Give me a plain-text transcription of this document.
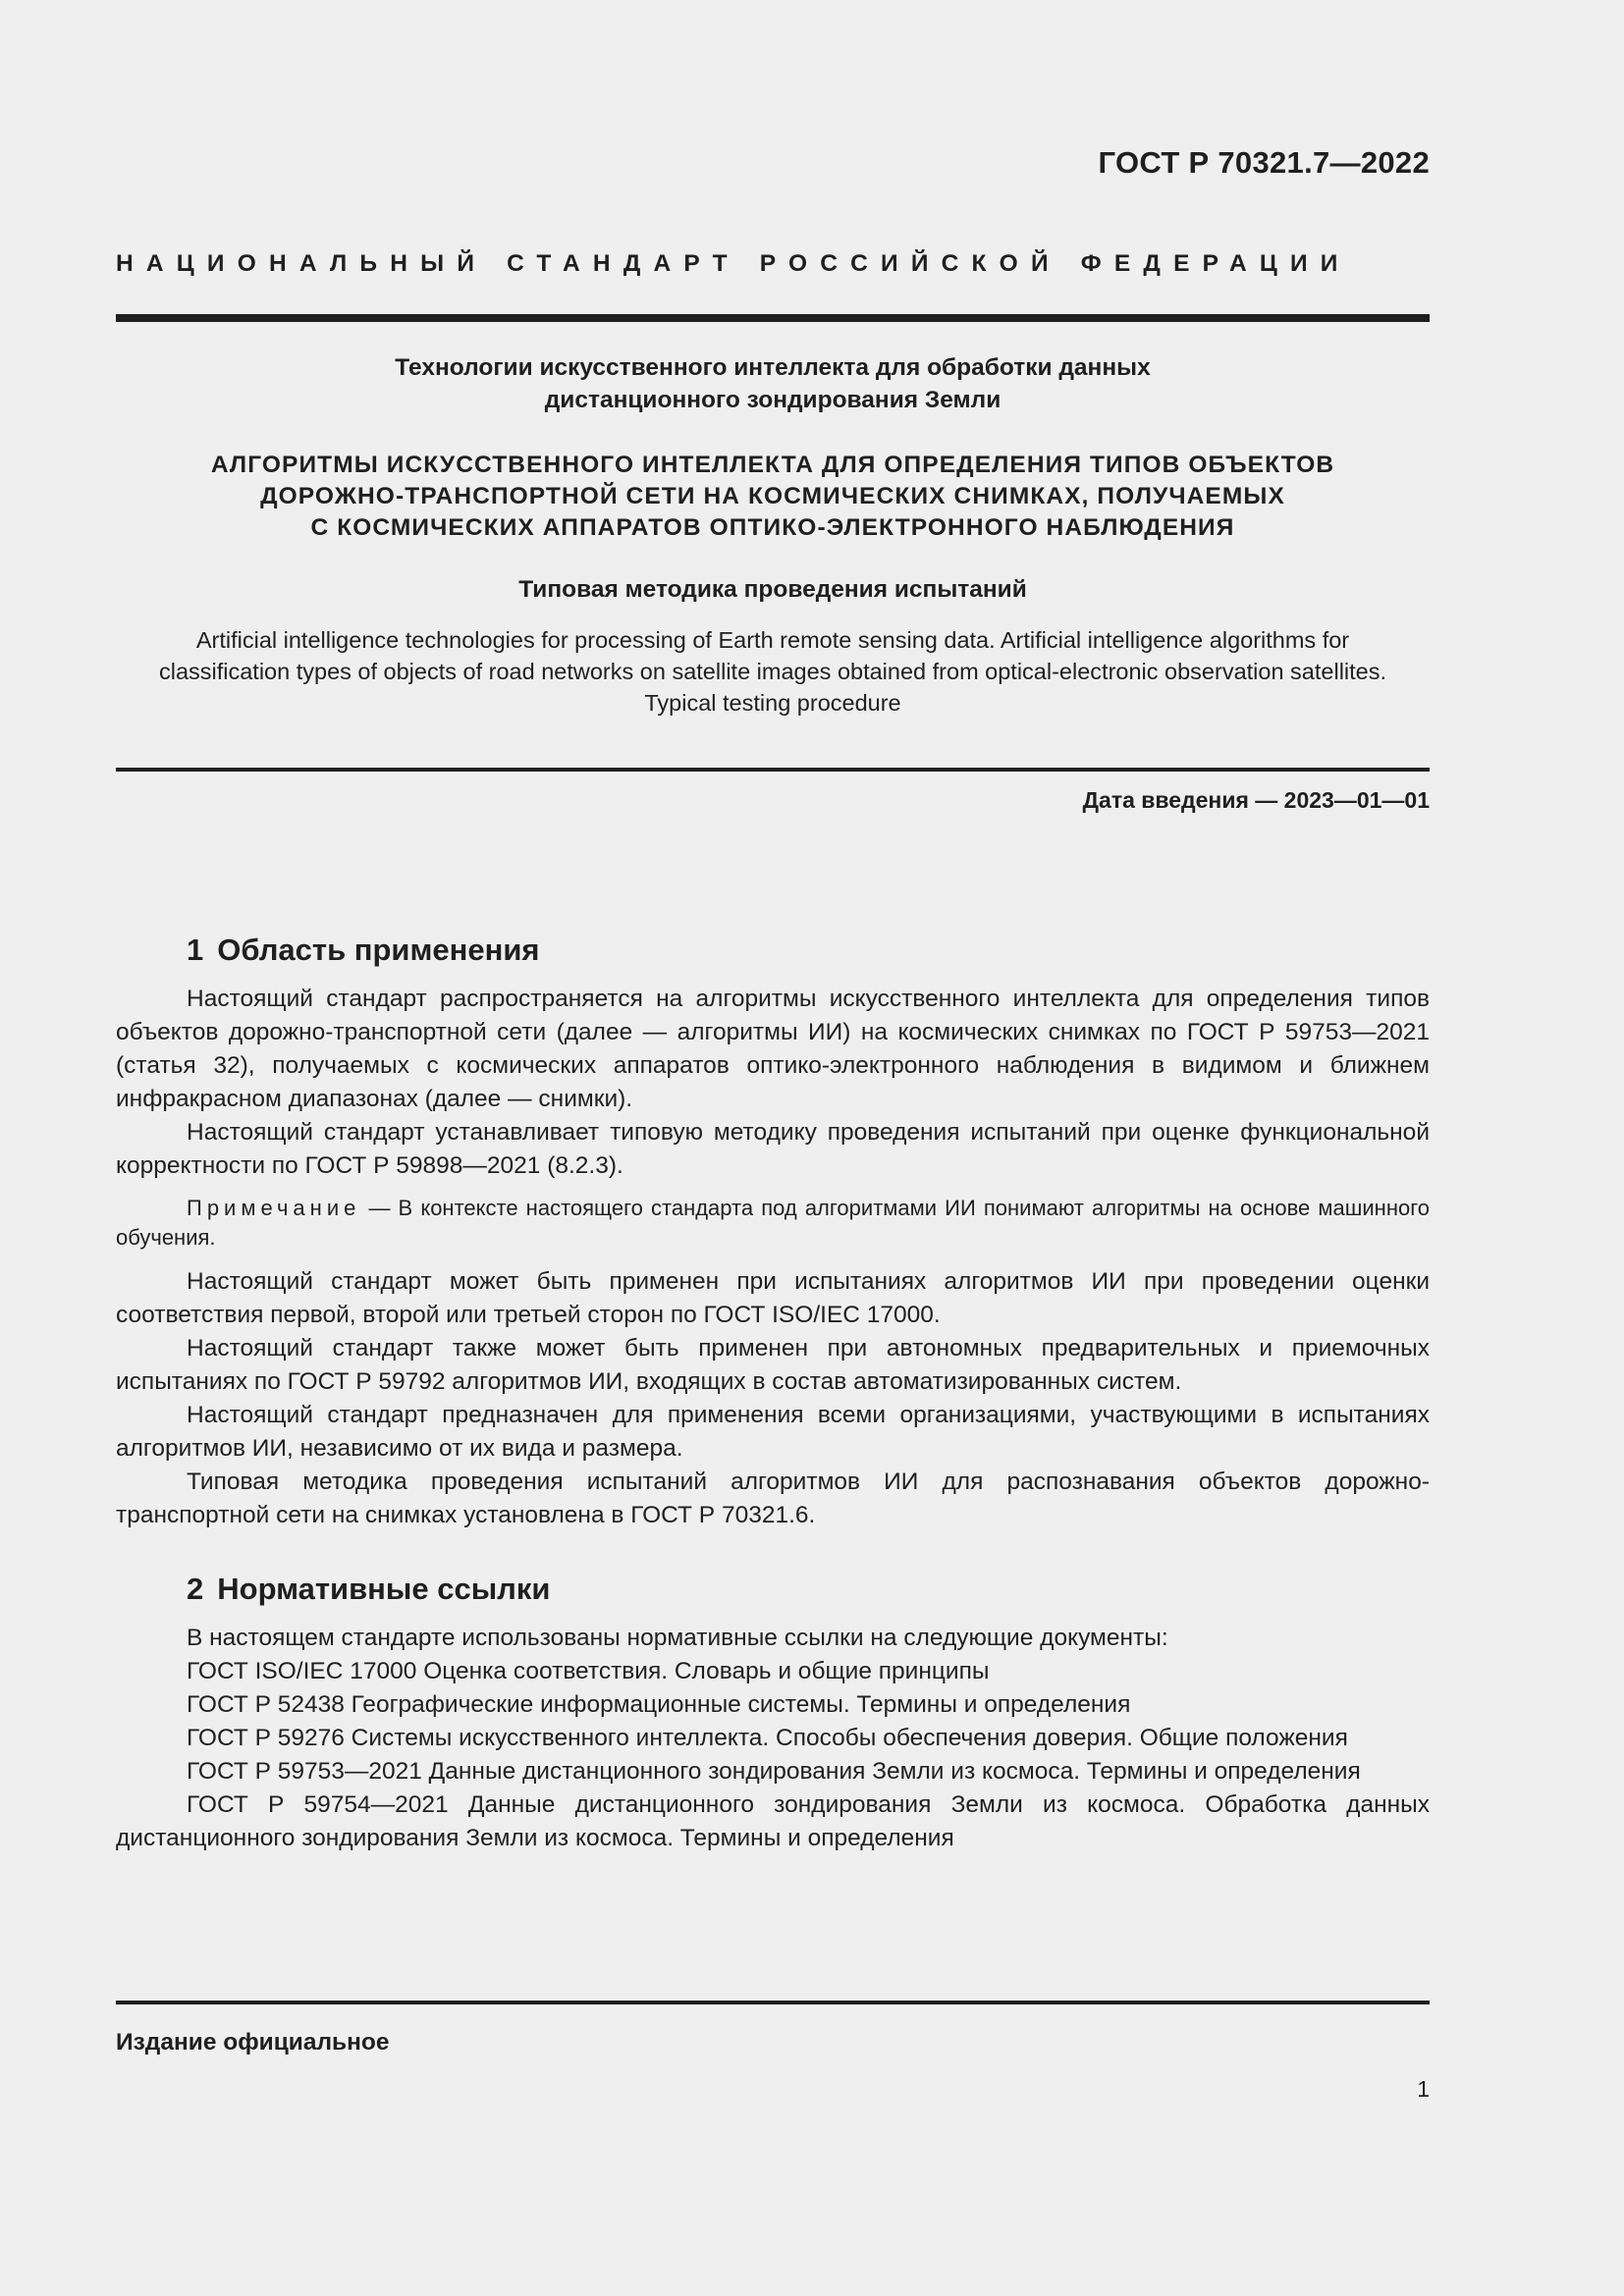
ГОСТ Р 70321.7—2022
НАЦИОНАЛЬНЫЙ СТАНДАРТ РОССИЙСКОЙ ФЕДЕРАЦИИ
Технологии искусственного интеллекта для обработки данных
дистанционного зондирования Земли
АЛГОРИТМЫ ИСКУССТВЕННОГО ИНТЕЛЛЕКТА ДЛЯ ОПРЕДЕЛЕНИЯ ТИПОВ ОБЪЕКТОВ
ДОРОЖНО-ТРАНСПОРТНОЙ СЕТИ НА КОСМИЧЕСКИХ СНИМКАХ, ПОЛУЧАЕМЫХ
С КОСМИЧЕСКИХ АППАРАТОВ ОПТИКО-ЭЛЕКТРОННОГО НАБЛЮДЕНИЯ
Типовая методика проведения испытаний
Artificial intelligence technologies for processing of Earth remote sensing data. Artificial intelligence algorithms for
classification types of objects of road networks on satellite images obtained from optical-electronic observation satellites.
Typical testing procedure
Дата введения — 2023—01—01
1 Область применения

Настоящий стандарт распространяется на алгоритмы искусственного интеллекта для определения типов объектов дорожно-транспортной сети (далее — алгоритмы ИИ) на космических снимках по ГОСТ Р 59753—2021 (статья 32), получаемых с космических аппаратов оптико-электронного наблюдения в видимом и ближнем инфракрасном диапазонах (далее — снимки).

Настоящий стандарт устанавливает типовую методику проведения испытаний при оценке функциональной корректности по ГОСТ Р 59898—2021 (8.2.3).

Примечание — В контексте настоящего стандарта под алгоритмами ИИ понимают алгоритмы на основе машинного обучения.

Настоящий стандарт может быть применен при испытаниях алгоритмов ИИ при проведении оценки соответствия первой, второй или третьей сторон по ГОСТ ISO/IEC 17000.

Настоящий стандарт также может быть применен при автономных предварительных и приемочных испытаниях по ГОСТ Р 59792 алгоритмов ИИ, входящих в состав автоматизированных систем.

Настоящий стандарт предназначен для применения всеми организациями, участвующими в испытаниях алгоритмов ИИ, независимо от их вида и размера.

Типовая методика проведения испытаний алгоритмов ИИ для распознавания объектов дорожно-транспортной сети на снимках установлена в ГОСТ Р 70321.6.

2 Нормативные ссылки

В настоящем стандарте использованы нормативные ссылки на следующие документы:

ГОСТ ISO/IEC 17000 Оценка соответствия. Словарь и общие принципы

ГОСТ Р 52438 Географические информационные системы. Термины и определения

ГОСТ Р 59276 Системы искусственного интеллекта. Способы обеспечения доверия. Общие положения

ГОСТ Р 59753—2021 Данные дистанционного зондирования Земли из космоса. Термины и определения

ГОСТ Р 59754—2021 Данные дистанционного зондирования Земли из космоса. Обработка данных дистанционного зондирования Земли из космоса. Термины и определения

Издание официальное
1
